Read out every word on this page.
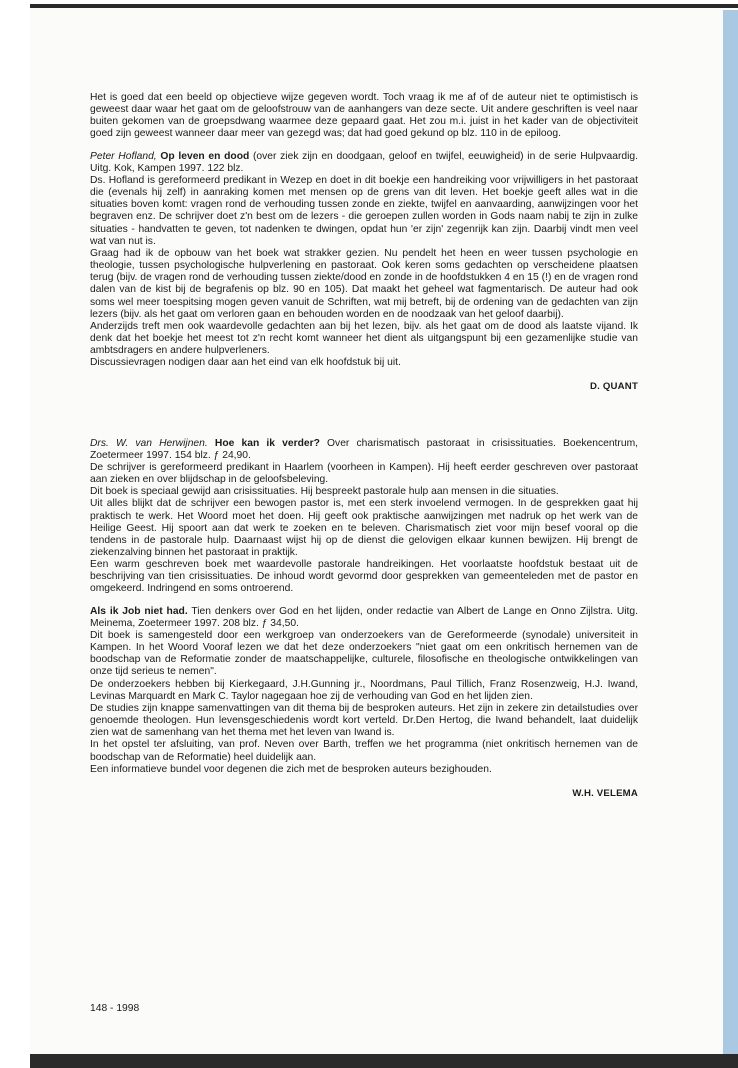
Het is goed dat een beeld op objectieve wijze gegeven wordt. Toch vraag ik me af of de auteur niet te optimistisch is geweest daar waar het gaat om de geloofstrouw van de aanhangers van deze secte. Uit andere geschriften is veel naar buiten gekomen van de groepsdwang waarmee deze gepaard gaat. Het zou m.i. juist in het kader van de objectiviteit goed zijn geweest wanneer daar meer van gezegd was; dat had goed gekund op blz. 110 in de epiloog.

Peter Hofland, Op leven en dood (over ziek zijn en doodgaan, geloof en twijfel, eeuwigheid) in de serie Hulpvaardig. Uitg. Kok, Kampen 1997. 122 blz.

Ds. Hofland is gereformeerd predikant in Wezep en doet in dit boekje een handreiking voor vrijwilligers in het pastoraat die (evenals hij zelf) in aanraking komen met mensen op de grens van dit leven. Het boekje geeft alles wat in die situaties boven komt: vragen rond de verhouding tussen zonde en ziekte, twijfel en aanvaarding, aanwijzingen voor het begraven enz. De schrijver doet z'n best om de lezers - die geroepen zullen worden in Gods naam nabij te zijn in zulke situaties - handvatten te geven, tot nadenken te dwingen, opdat hun 'er zijn' zegenrijk kan zijn. Daarbij vindt men veel wat van nut is.

Graag had ik de opbouw van het boek wat strakker gezien. Nu pendelt het heen en weer tussen psychologie en theologie, tussen psychologische hulpverlening en pastoraat. Ook keren soms gedachten op verscheidene plaatsen terug (bijv. de vragen rond de verhouding tussen ziekte/dood en zonde in de hoofdstukken 4 en 15 (!) en de vragen rond dalen van de kist bij de begrafenis op blz. 90 en 105). Dat maakt het geheel wat fagmentarisch. De auteur had ook soms wel meer toespitsing mogen geven vanuit de Schriften, wat mij betreft, bij de ordening van de gedachten van zijn lezers (bijv. als het gaat om verloren gaan en behouden worden en de noodzaak van het geloof daarbij).

Anderzijds treft men ook waardevolle gedachten aan bij het lezen, bijv. als het gaat om de dood als laatste vijand. Ik denk dat het boekje het meest tot z'n recht komt wanneer het dient als uitgangspunt bij een gezamenlijke studie van ambtsdragers en andere hulpverleners.

Discussievragen nodigen daar aan het eind van elk hoofdstuk bij uit.

D. QUANT

Drs. W. van Herwijnen. Hoe kan ik verder? Over charismatisch pastoraat in crisissituaties. Boekencentrum, Zoetermeer 1997. 154 blz. ƒ 24,90.

De schrijver is gereformeerd predikant in Haarlem (voorheen in Kampen). Hij heeft eerder geschreven over pastoraat aan zieken en over blijdschap in de geloofsbeleving.

Dit boek is speciaal gewijd aan crisissituaties. Hij bespreekt pastorale hulp aan mensen in die situaties.

Uit alles blijkt dat de schrijver een bewogen pastor is, met een sterk invoelend vermogen. In de gesprekken gaat hij praktisch te werk. Het Woord moet het doen. Hij geeft ook praktische aanwijzingen met nadruk op het werk van de Heilige Geest. Hij spoort aan dat werk te zoeken en te beleven. Charismatisch ziet voor mijn besef vooral op die tendens in de pastorale hulp. Daarnaast wijst hij op de dienst die gelovigen elkaar kunnen bewijzen. Hij brengt de ziekenzalving binnen het pastoraat in praktijk.

Een warm geschreven boek met waardevolle pastorale handreikingen. Het voorlaatste hoofdstuk bestaat uit de beschrijving van tien crisissituaties. De inhoud wordt gevormd door gesprekken van gemeenteleden met de pastor en omgekeerd. Indringend en soms ontroerend.

Als ik Job niet had. Tien denkers over God en het lijden, onder redactie van Albert de Lange en Onno Zijlstra. Uitg. Meinema, Zoetermeer 1997. 208 blz. ƒ 34,50.

Dit boek is samengesteld door een werkgroep van onderzoekers van de Gereformeerde (synodale) universiteit in Kampen. In het Woord Vooraf lezen we dat het deze onderzoekers "niet gaat om een onkritisch hernemen van de boodschap van de Reformatie zonder de maatschappelijke, culturele, filosofische en theologische ontwikkelingen van onze tijd serieus te nemen".

De onderzoekers hebben bij Kierkegaard, J.H.Gunning jr., Noordmans, Paul Tillich, Franz Rosenzweig, H.J. Iwand, Levinas Marquardt en Mark C. Taylor nagegaan hoe zij de verhouding van God en het lijden zien.

De studies zijn knappe samenvattingen van dit thema bij de besproken auteurs. Het zijn in zekere zin detailstudies over genoemde theologen. Hun levensgeschiedenis wordt kort verteld. Dr.Den Hertog, die Iwand behandelt, laat duidelijk zien wat de samenhang van het thema met het leven van Iwand is.

In het opstel ter afsluiting, van prof. Neven over Barth, treffen we het programma (niet onkritisch hernemen van de boodschap van de Reformatie) heel duidelijk aan.

Een informatieve bundel voor degenen die zich met de besproken auteurs bezighouden.

W.H. VELEMA

148 - 1998
